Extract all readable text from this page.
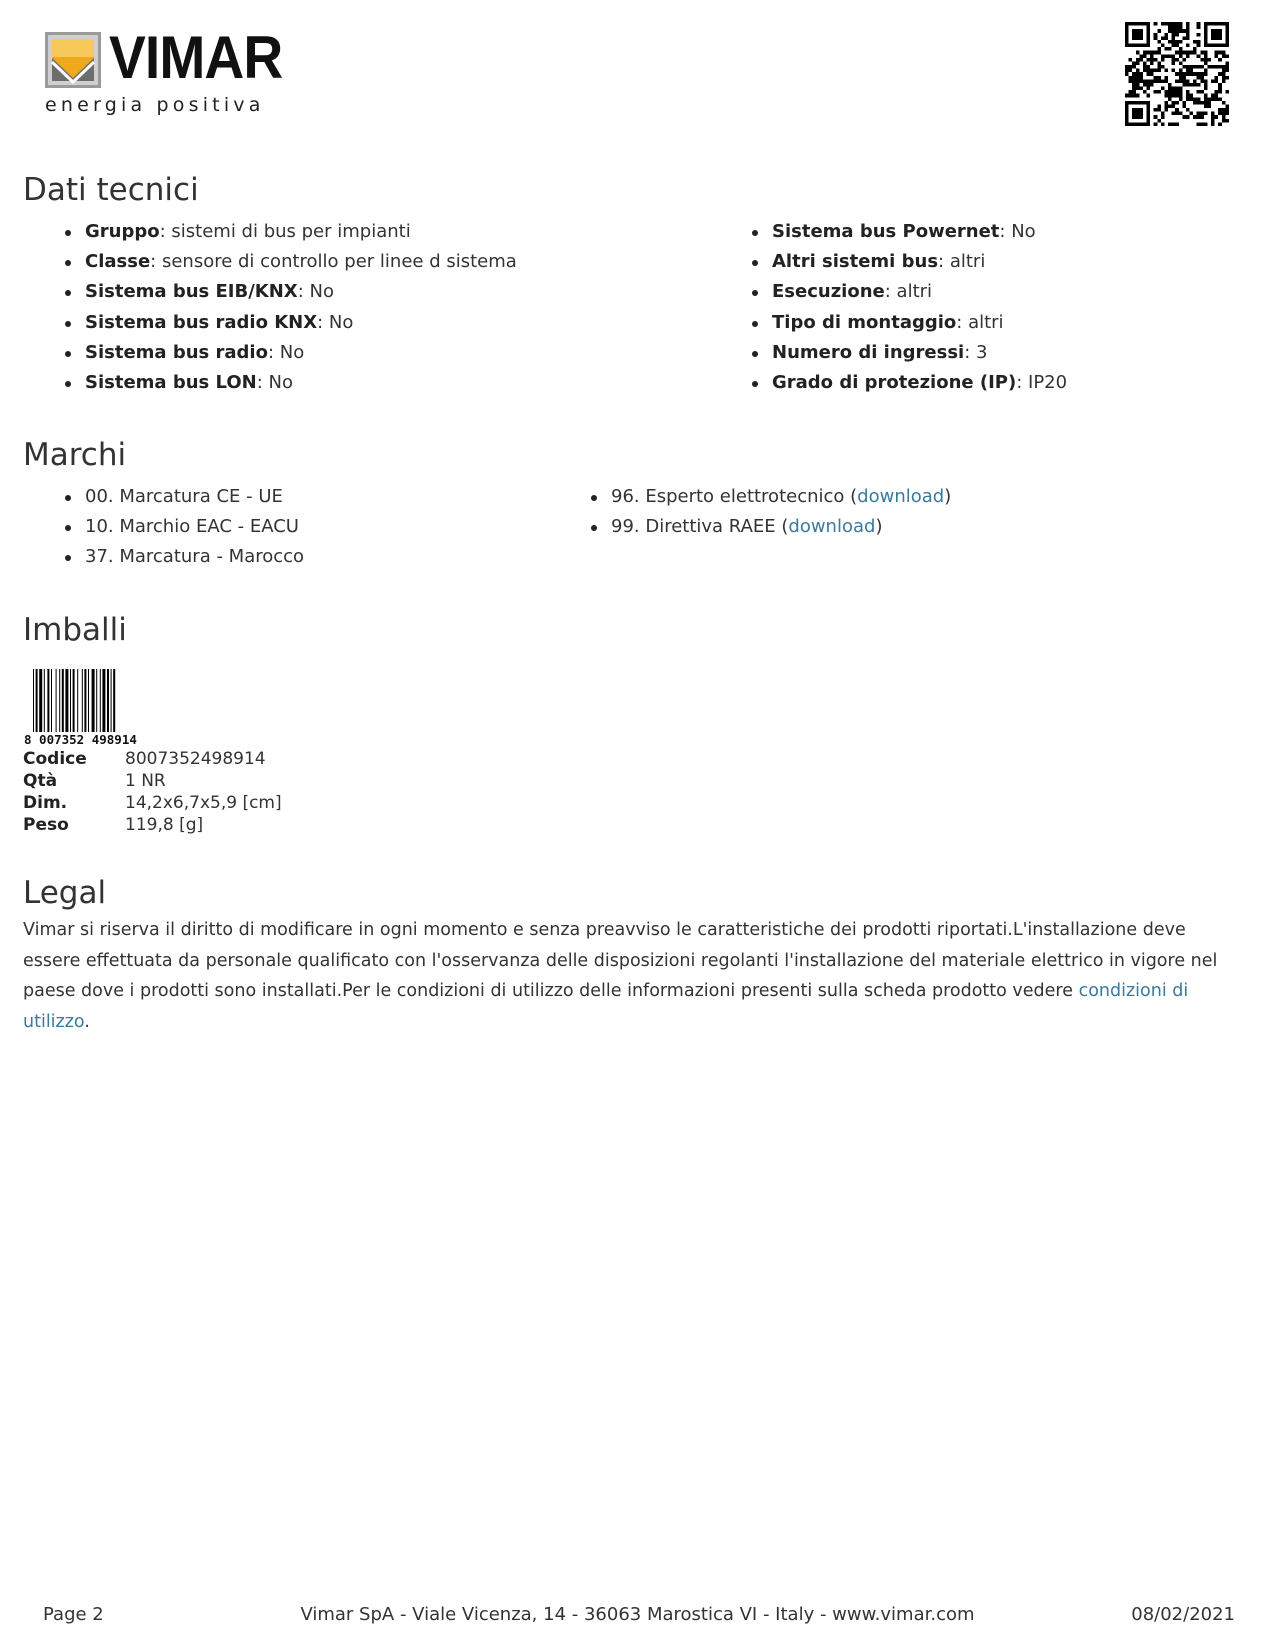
VIMAR
energia positiva
Dati tecnici
Gruppo: sistemi di bus per impianti
Classe: sensore di controllo per linee d sistema
Sistema bus EIB/KNX: No
Sistema bus radio KNX: No
Sistema bus radio: No
Sistema bus LON: No
Sistema bus Powernet: No
Altri sistemi bus: altri
Esecuzione: altri
Tipo di montaggio: altri
Numero di ingressi: 3
Grado di protezione (IP): IP20
Marchi
00. Marcatura CE - UE
10. Marchio EAC - EACU
37. Marcatura - Marocco
96. Esperto elettrotecnico (download)
99. Direttiva RAEE (download)
Imballi
8 007352 498914
Codice	8007352498914
Qtà	1 NR
Dim.	14,2x6,7x5,9 [cm]
Peso	119,8 [g]
Legal
Vimar si riserva il diritto di modificare in ogni momento e senza preavviso le caratteristiche dei prodotti riportati.L'installazione deve essere effettuata da personale qualificato con l'osservanza delle disposizioni regolanti l'installazione del materiale elettrico in vigore nel paese dove i prodotti sono installati.Per le condizioni di utilizzo delle informazioni presenti sulla scheda prodotto vedere condizioni di utilizzo.
Page 2	Vimar SpA - Viale Vicenza, 14 - 36063 Marostica VI - Italy - www.vimar.com	08/02/2021
